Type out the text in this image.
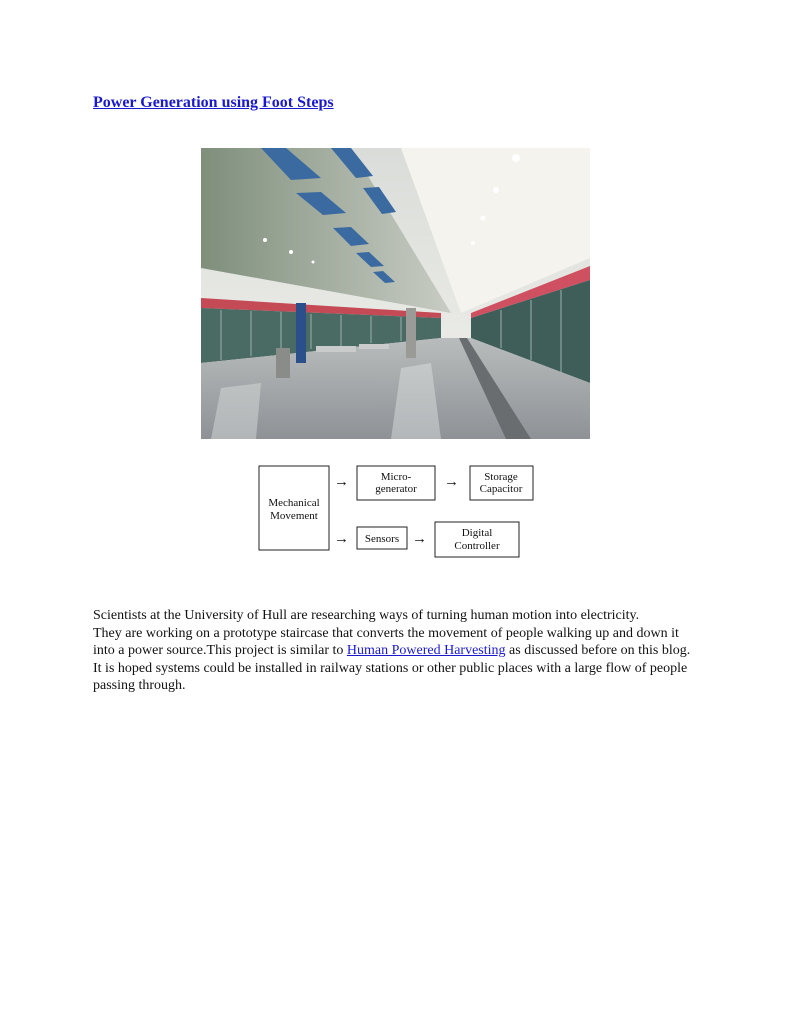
Power Generation using Foot Steps
Mechanical
Movement
Micro-
generator
Storage
Capacitor
Sensors	Digital
Controller
→	→
→	→

Scientists at the University of Hull are researching ways of turning human motion into electricity.

They are working on a prototype staircase that converts the movement of people walking up and down it into a power source.This project is similar to Human Powered Harvesting as discussed before on this blog.

It is hoped systems could be installed in railway stations or other public places with a large flow of people passing through.
